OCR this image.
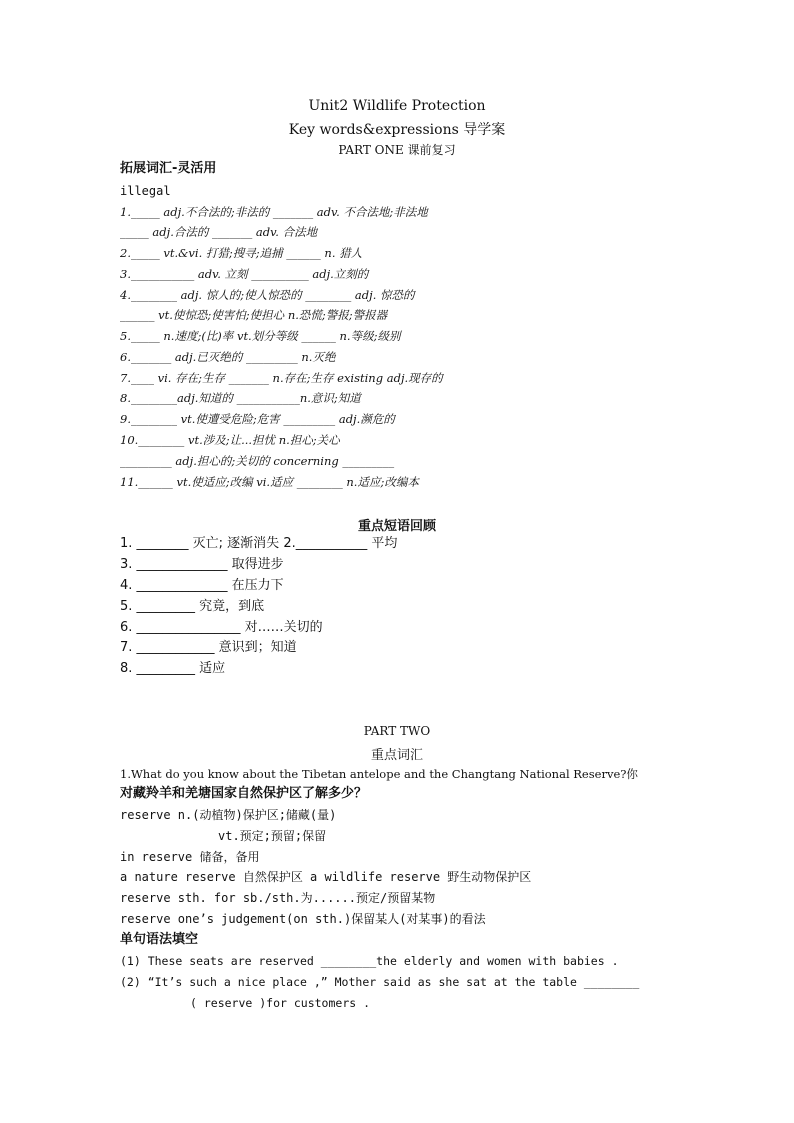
Unit2 Wildlife Protection
Key words&expressions 导学案
PART ONE 课前复习
拓展词汇-灵活用
illegal
1._____ adj.不合法的;非法的 _______ adv. 不合法地;非法地
_____ adj.合法的 _______ adv. 合法地
2._____ vt.&vi. 打猎;搜寻;追捕 ______ n. 猎人
3.___________ adv. 立刻 __________ adj.立刻的
4.________ adj. 惊人的;使人惊恐的 ________ adj. 惊恐的
______ vt.使惊恐;使害怕;使担心 n.恐慌;警报;警报器
5._____ n.速度;(比)率 vt.划分等级 ______ n.等级;级别
6._______ adj.已灭绝的 _________ n.灭绝
7.____ vi. 存在;生存 _______ n.存在;生存 existing adj.现存的
8.________adj.知道的 ___________n.意识;知道
9.________ vt.使遭受危险;危害 _________ adj.濒危的
10.________ vt.涉及;让...担忧 n.担心;关心
_________ adj.担心的;关切的 concerning _________
11.______ vt.使适应;改编 vi.适应 ________ n.适应;改编本
重点短语回顾
1. ________ 灭亡; 逐渐消失 2.___________ 平均
3. ______________ 取得进步
4. ______________ 在压力下
5. _________ 究竟，到底
6. ________________ 对……关切的
7. ____________ 意识到；知道
8. _________ 适应
PART TWO
重点词汇
1.What do you know about the Tibetan antelope and the Changtang National Reserve?你
对藏羚羊和羌塘国家自然保护区了解多少？
reserve n.(动植物)保护区;储藏(量)
vt.预定;预留;保留
in reserve 储备，备用
a nature reserve 自然保护区 a wildlife reserve 野生动物保护区
reserve sth. for sb./sth.为......预定/预留某物
reserve one’s judgement(on sth.)保留某人(对某事)的看法
单句语法填空
(1) These seats are reserved ________the elderly and women with babies .
(2) “It’s such a nice place ,” Mother said as she sat at the table ________
( reserve )for customers .
